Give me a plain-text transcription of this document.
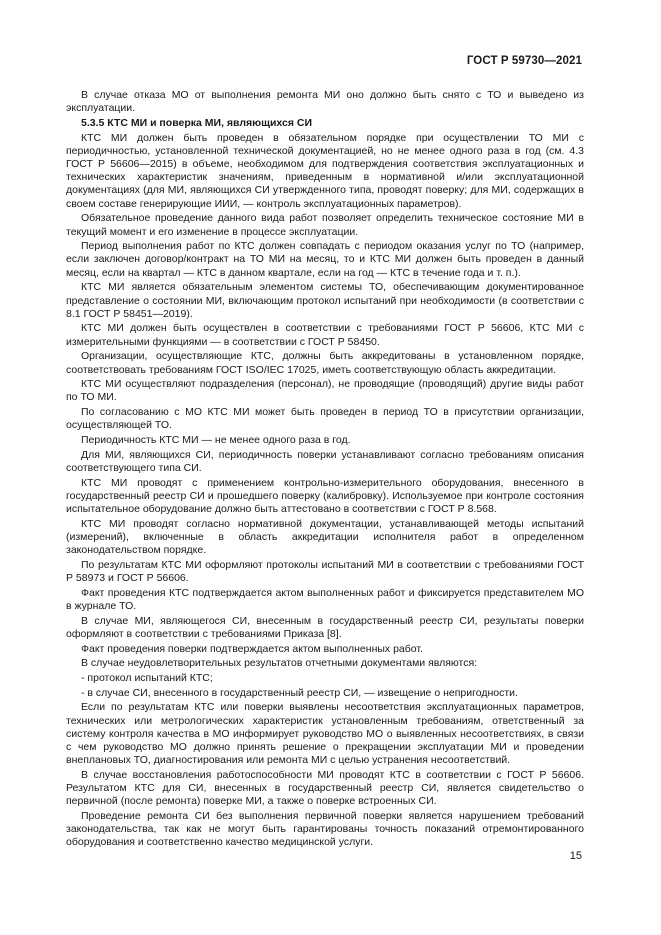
ГОСТ Р 59730—2021

В случае отказа МО от выполнения ремонта МИ оно должно быть снято с ТО и выведено из эксплуатации.

5.3.5 КТС МИ и поверка МИ, являющихся СИ

КТС МИ должен быть проведен в обязательном порядке при осуществлении ТО МИ с периодичностью, установленной технической документацией, но не менее одного раза в год (см. 4.3 ГОСТ Р 56606—2015) в объеме, необходимом для подтверждения соответствия эксплуатационных и технических характеристик значениям, приведенным в нормативной и/или эксплуатационной документациях (для МИ, являющихся СИ утвержденного типа, проводят поверку; для МИ, содержащих в своем составе генерирующие ИИИ, — контроль эксплуатационных параметров).

Обязательное проведение данного вида работ позволяет определить техническое состояние МИ в текущий момент и его изменение в процессе эксплуатации.

Период выполнения работ по КТС должен совпадать с периодом оказания услуг по ТО (например, если заключен договор/контракт на ТО МИ на месяц, то и КТС МИ должен быть проведен в данный месяц, если на квартал — КТС в данном квартале, если на год — КТС в течение года и т. п.).

КТС МИ является обязательным элементом системы ТО, обеспечивающим документированное представление о состоянии МИ, включающим протокол испытаний при необходимости (в соответствии с 8.1 ГОСТ Р 58451—2019).

КТС МИ должен быть осуществлен в соответствии с требованиями ГОСТ Р 56606, КТС МИ с измерительными функциями — в соответствии с ГОСТ Р 58450.

Организации, осуществляющие КТС, должны быть аккредитованы в установленном порядке, соответствовать требованиям ГОСТ ISO/IEC 17025, иметь соответствующую область аккредитации.

КТС МИ осуществляют подразделения (персонал), не проводящие (проводящий) другие виды работ по ТО МИ.

По согласованию с МО КТС МИ может быть проведен в период ТО в присутствии организации, осуществляющей ТО.

Периодичность КТС МИ — не менее одного раза в год.

Для МИ, являющихся СИ, периодичность поверки устанавливают согласно требованиям описания соответствующего типа СИ.

КТС МИ проводят с применением контрольно-измерительного оборудования, внесенного в государственный реестр СИ и прошедшего поверку (калибровку). Используемое при контроле состояния испытательное оборудование должно быть аттестовано в соответствии с ГОСТ Р 8.568.

КТС МИ проводят согласно нормативной документации, устанавливающей методы испытаний (измерений), включенные в область аккредитации исполнителя работ в определенном законодательством порядке.

По результатам КТС МИ оформляют протоколы испытаний МИ в соответствии с требованиями ГОСТ Р 58973 и ГОСТ Р 56606.

Факт проведения КТС подтверждается актом выполненных работ и фиксируется представителем МО в журнале ТО.

В случае МИ, являющегося СИ, внесенным в государственный реестр СИ, результаты поверки оформляют в соответствии с требованиями Приказа [8].

Факт проведения поверки подтверждается актом выполненных работ.

В случае неудовлетворительных результатов отчетными документами являются:

- протокол испытаний КТС;

- в случае СИ, внесенного в государственный реестр СИ, — извещение о непригодности.

Если по результатам КТС или поверки выявлены несоответствия эксплуатационных параметров, технических или метрологических характеристик установленным требованиям, ответственный за систему контроля качества в МО информирует руководство МО о выявленных несоответствиях, в связи с чем руководство МО должно принять решение о прекращении эксплуатации МИ и проведении внеплановых ТО, диагностирования или ремонта МИ с целью устранения несоответствий.

В случае восстановления работоспособности МИ проводят КТС в соответствии с ГОСТ Р 56606. Результатом КТС для СИ, внесенных в государственный реестр СИ, является свидетельство о первичной (после ремонта) поверке МИ, а также о поверке встроенных СИ.

Проведение ремонта СИ без выполнения первичной поверки является нарушением требований законодательства, так как не могут быть гарантированы точность показаний отремонтированного оборудования и соответственно качество медицинской услуги.

15
